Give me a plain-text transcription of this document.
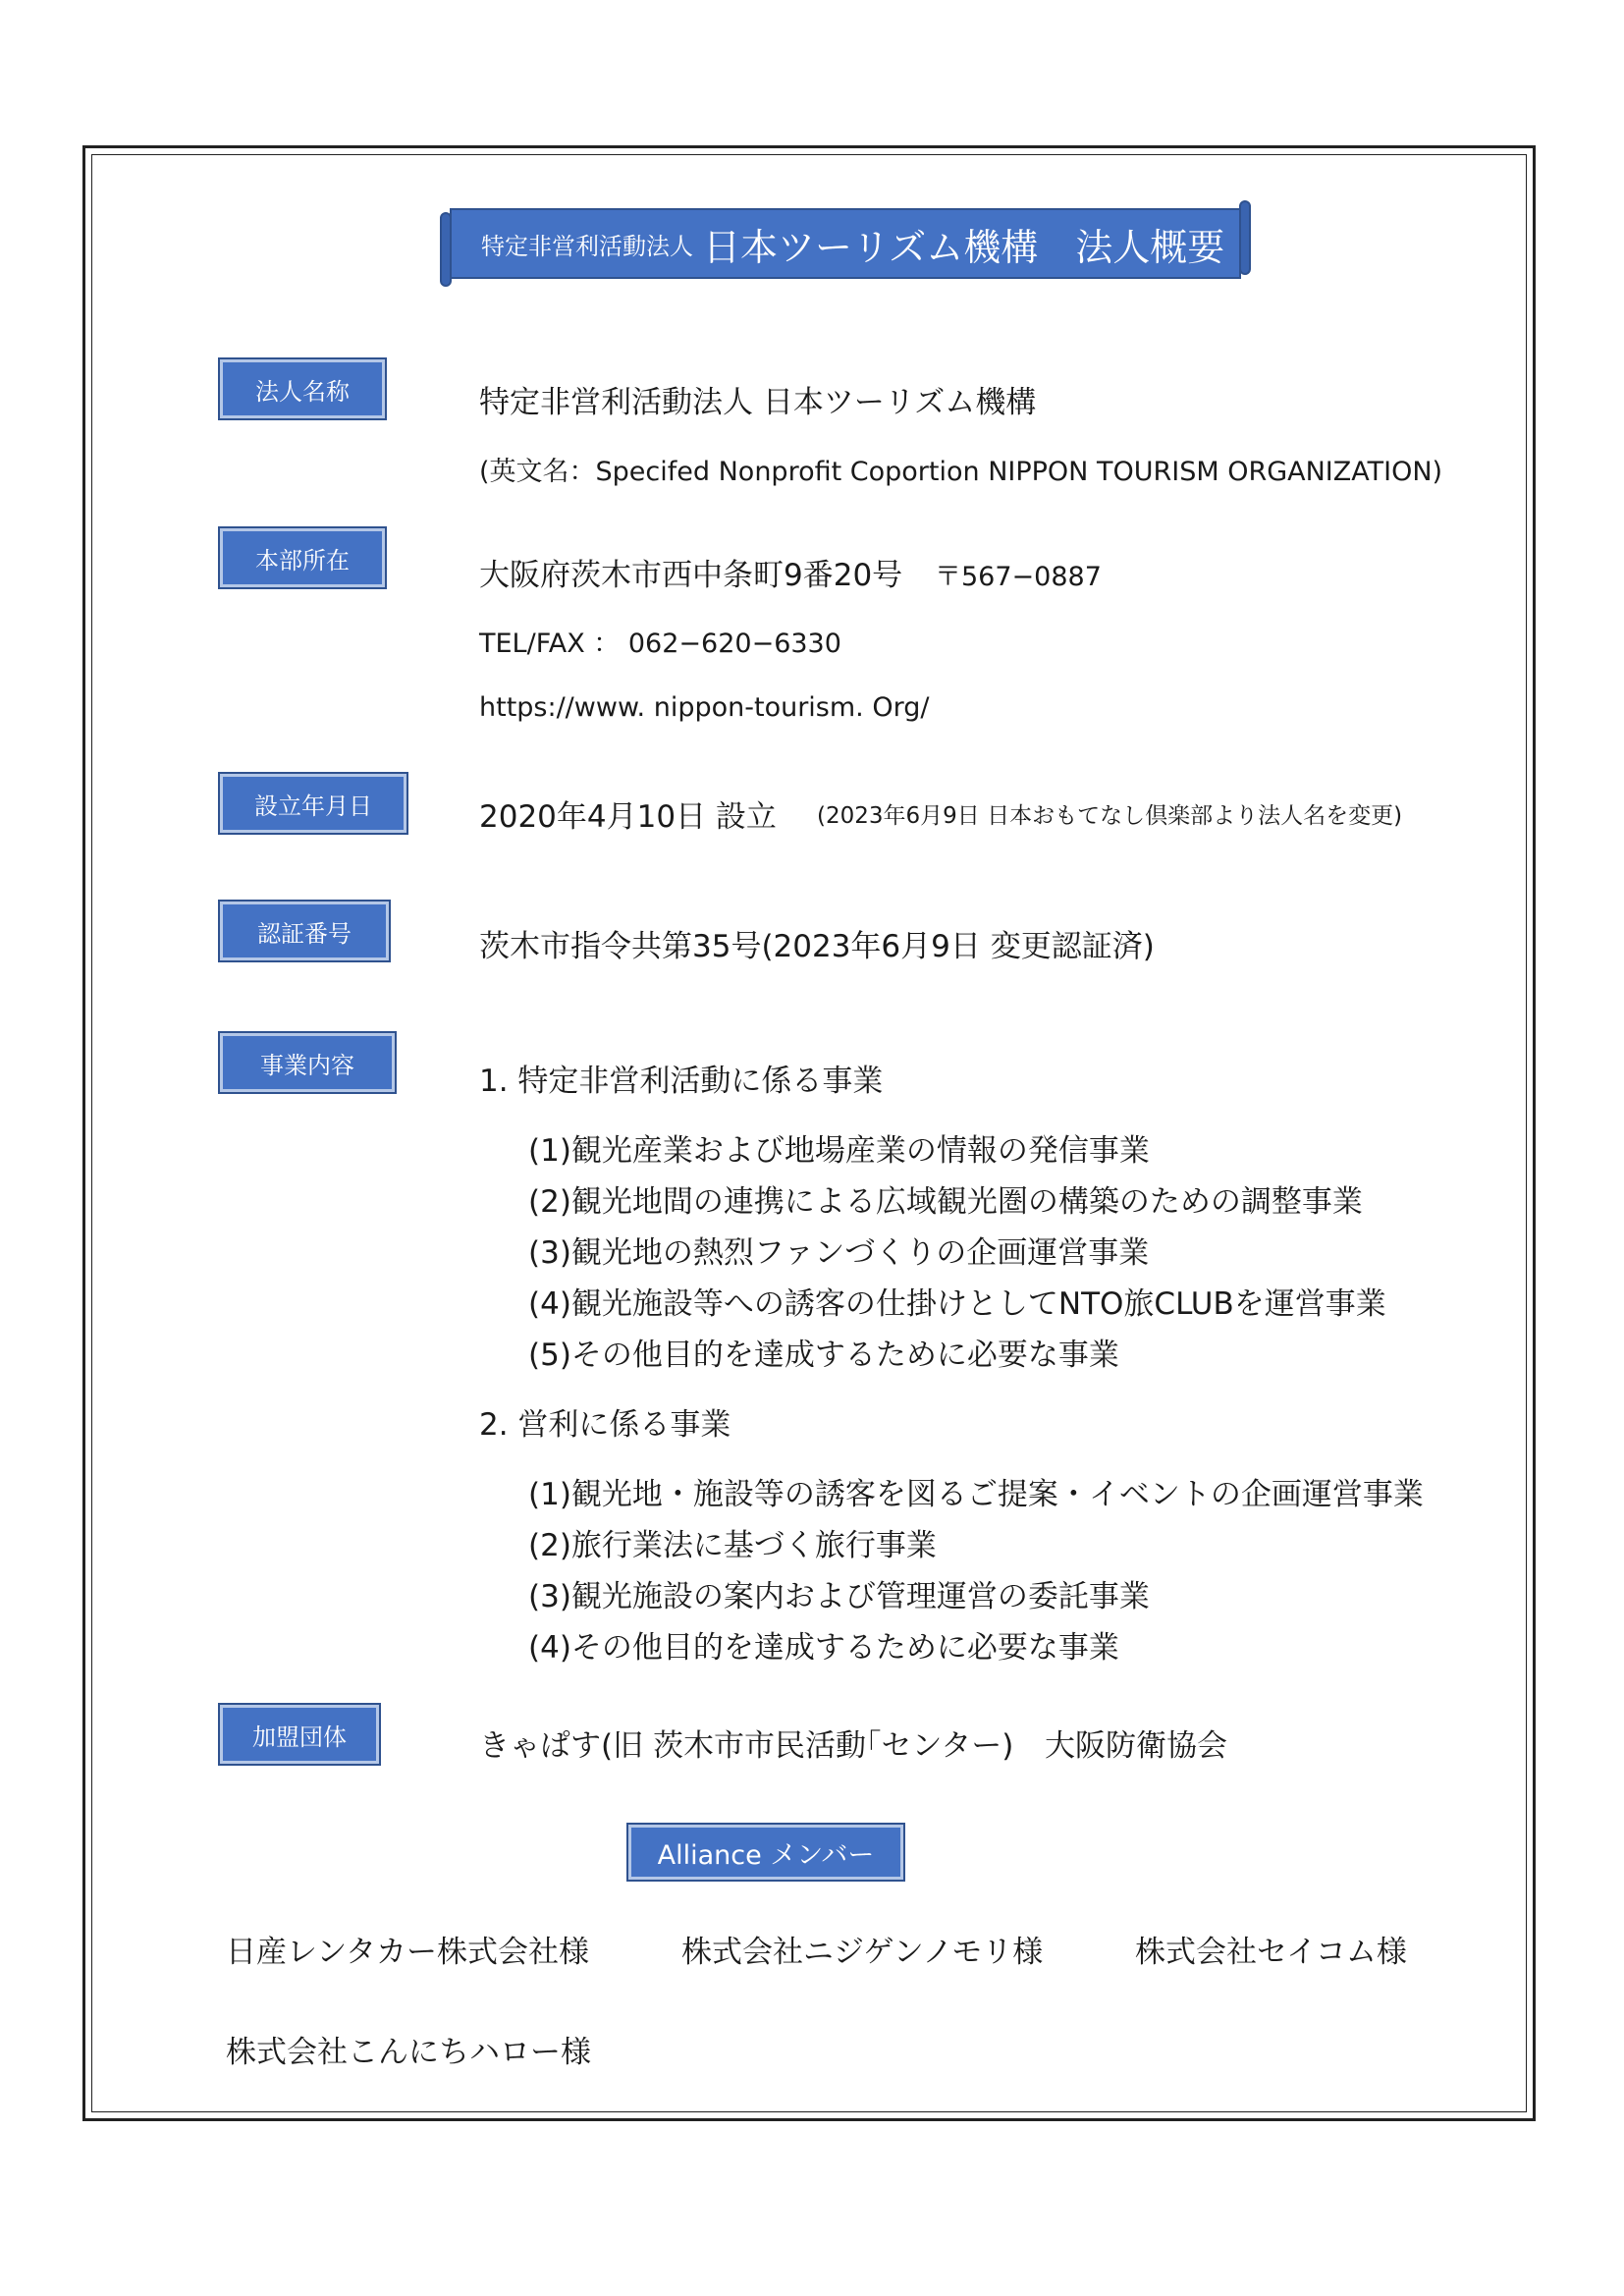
特定非営利活動法人 日本ツーリズム機構　法人概要
法人名称	特定非営利活動法人 日本ツーリズム機構
(英文名：Specifed Nonprofit Coportion NIPPON TOURISM ORGANIZATION)
本部所在	大阪府茨木市西中条町9番20号 〒567−0887
TEL/FAX ： 062−620−6330
https://www. nippon-tourism. Org/
設立年月日	2020年4月10日 設立 (2023年6月9日 日本おもてなし倶楽部より法人名を変更)
認証番号	茨木市指令共第35号(2023年6月9日 変更認証済)
事業内容	1. 特定非営利活動に係る事業
(1)観光産業および地場産業の情報の発信事業
(2)観光地間の連携による広域観光圏の構築のための調整事業
(3)観光地の熱烈ファンづくりの企画運営事業
(4)観光施設等への誘客の仕掛けとしてNTO旅CLUBを運営事業
(5)その他目的を達成するために必要な事業
2. 営利に係る事業
(1)観光地・施設等の誘客を図るご提案・イベントの企画運営事業
(2)旅行業法に基づく旅行事業
(3)観光施設の案内および管理運営の委託事業
(4)その他目的を達成するために必要な事業
加盟団体	きゃぱす(旧 茨木市市民活動｢センター) 大阪防衛協会
Alliance メンバー
日産レンタカー株式会社様	株式会社ニジゲンノモリ様	株式会社セイコム様
株式会社こんにちハロー様
